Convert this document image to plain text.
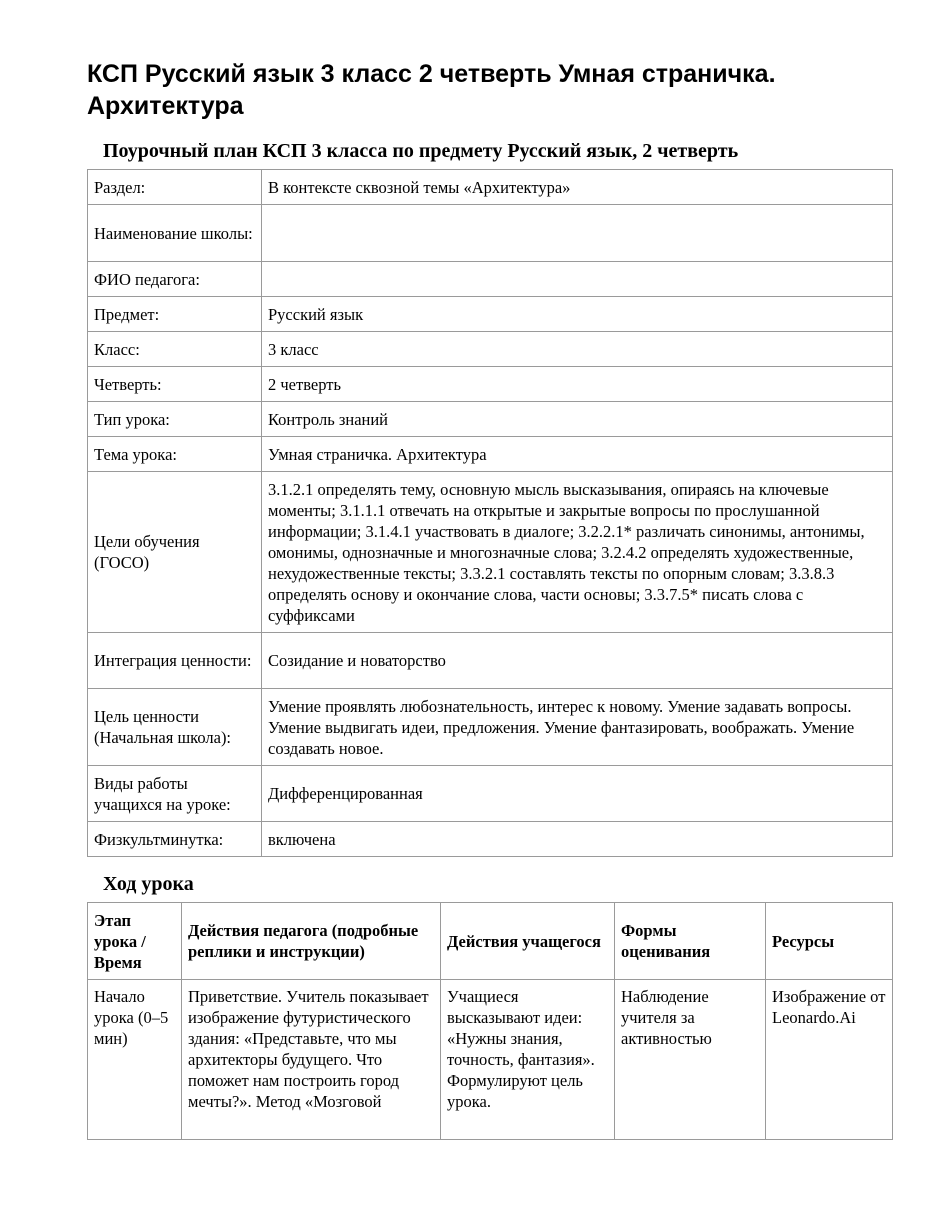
КСП Русский язык 3 класс 2 четверть Умная страничка. Архитектура
Поурочный план КСП 3 класса по предмету Русский язык, 2 четверть
Раздел:	В контексте сквозной темы «Архитектура»
Наименование школы:	
ФИО педагога:	
Предмет:	Русский язык
Класс:	3 класс
Четверть:	2 четверть
Тип урока:	Контроль знаний
Тема урока:	Умная страничка. Архитектура
Цели обучения (ГОСО)	3.1.2.1 определять тему, основную мысль высказывания, опираясь на ключевые моменты; 3.1.1.1 отвечать на открытые и закрытые вопросы по прослушанной информации; 3.1.4.1 участвовать в диалоге; 3.2.2.1* различать синонимы, антонимы, омонимы, однозначные и многозначные слова; 3.2.4.2 определять художественные, нехудожественные тексты; 3.3.2.1 составлять тексты по опорным словам; 3.3.8.3 определять основу и окончание слова, части основы; 3.3.7.5* писать слова с суффиксами
Интеграция ценности:	Созидание и новаторство
Цель ценности (Начальная школа):	Умение проявлять любознательность, интерес к новому. Умение задавать вопросы. Умение выдвигать идеи, предложения. Умение фантазировать, воображать. Умение создавать новое.
Виды работы учащихся на уроке:	Дифференцированная
Физкультминутка:	включена
Ход урока
Этап урока / Время	Действия педагога (подробные реплики и инструкции)	Действия учащегося	Формы оценивания	Ресурсы
Начало урока (0–5 мин)	Приветствие. Учитель показывает изображение футуристического здания: «Представьте, что мы архитекторы будущего. Что поможет нам построить город мечты?». Метод «Мозговой	Учащиеся высказывают идеи: «Нужны знания, точность, фантазия». Формулируют цель урока.	Наблюдение учителя за активностью	Изображение от Leonardo.Ai
